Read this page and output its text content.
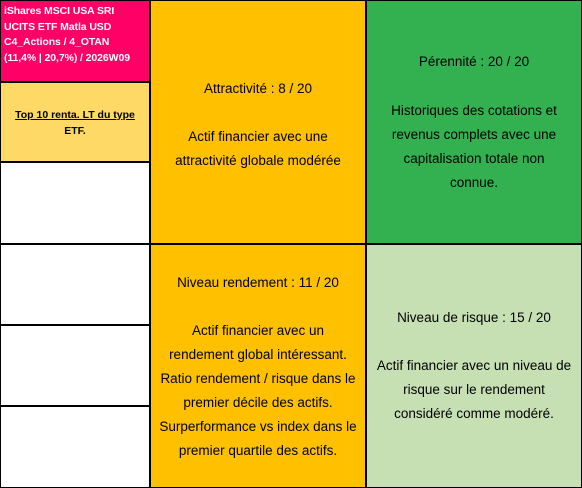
iShares MSCI USA SRI
UCITS ETF Matla USD
C4_Actions / 4_OTAN
(11,4% | 20,7%) / 2026W09
Top 10 renta. LT du type
ETF.
Attractivité : 8 / 20
Actif financier avec une
attractivité globale modérée
Pérennité : 20 / 20
Historiques des cotations et
revenus complets avec une
capitalisation totale non
connue.
Niveau rendement : 11 / 20
Actif financier avec un
rendement global intéressant.
Ratio rendement / risque dans le
premier décile des actifs.
Surperformance vs index dans le
premier quartile des actifs.
Niveau de risque : 15 / 20
Actif financier avec un niveau de
risque sur le rendement
considéré comme modéré.
